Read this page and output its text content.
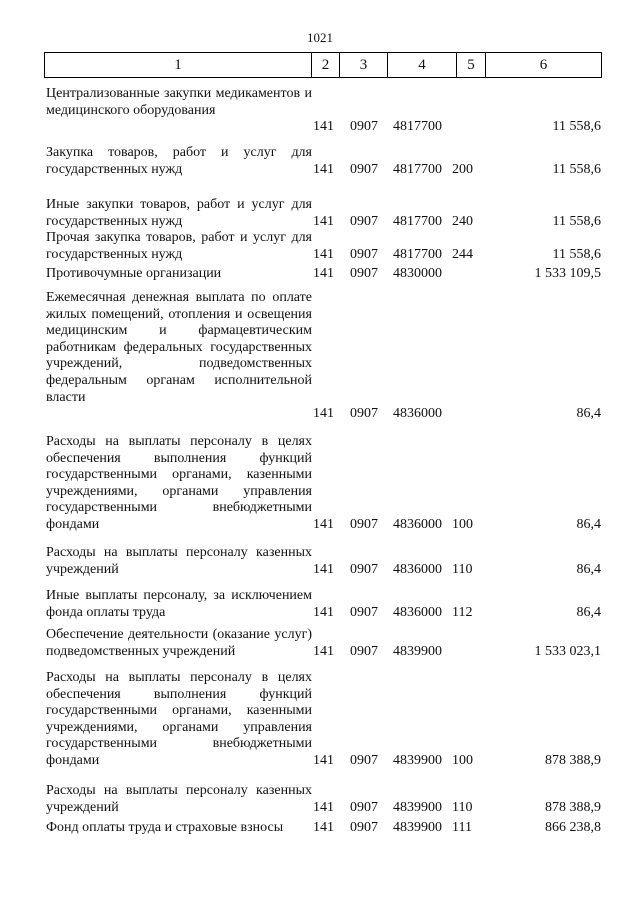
1021
1	2	3	4	5	6
Централизованные закупки медикаментов и медицинского оборудования
141 0907 4817700	11 558,6
Закупка товаров, работ и услуг для государственных нужд	141 0907 4817700 200	11 558,6
Иные закупки товаров, работ и услуг для государственных нужд	141 0907 4817700 240	11 558,6
Прочая закупка товаров, работ и услуг для государственных нужд	141 0907 4817700 244	11 558,6
Противочумные организации	141 0907 4830000	1 533 109,5
Ежемесячная денежная выплата по оплате жилых помещений, отопления и освещения медицинским и фармацевтическим работникам федеральных государственных учреждений, подведомственных федеральным органам исполнительной власти
141 0907 4836000	86,4
Расходы на выплаты персоналу в целях обеспечения выполнения функций государственными органами, казенными учреждениями, органами управления государственными внебюджетными фондами	141 0907 4836000 100	86,4
Расходы на выплаты персоналу казенных учреждений	141 0907 4836000 110	86,4
Иные выплаты персоналу, за исключением фонда оплаты труда	141 0907 4836000 112	86,4
Обеспечение деятельности (оказание услуг) подведомственных учреждений	141 0907 4839900	1 533 023,1
Расходы на выплаты персоналу в целях обеспечения выполнения функций государственными органами, казенными учреждениями, органами управления государственными внебюджетными фондами	141 0907 4839900 100	878 388,9
Расходы на выплаты персоналу казенных учреждений	141 0907 4839900 110	878 388,9
Фонд оплаты труда и страховые взносы	141 0907 4839900 111	866 238,8
